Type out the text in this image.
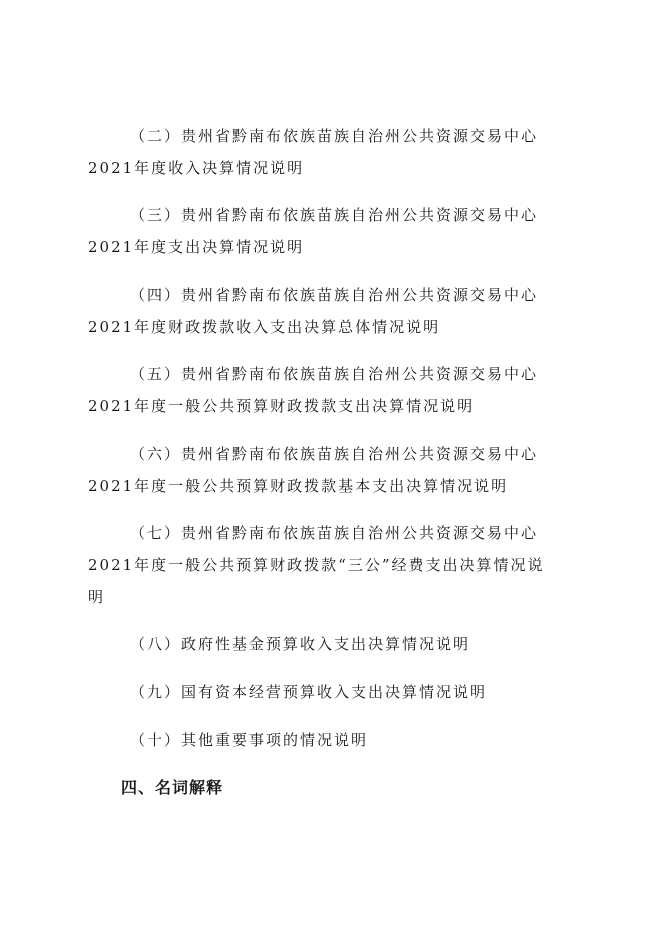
（二）贵州省黔南布依族苗族自治州公共资源交易中心
2021年度收入决算情况说明
（三）贵州省黔南布依族苗族自治州公共资源交易中心
2021年度支出决算情况说明
（四）贵州省黔南布依族苗族自治州公共资源交易中心
2021年度财政拨款收入支出决算总体情况说明
（五）贵州省黔南布依族苗族自治州公共资源交易中心
2021年度一般公共预算财政拨款支出决算情况说明
（六）贵州省黔南布依族苗族自治州公共资源交易中心
2021年度一般公共预算财政拨款基本支出决算情况说明
（七）贵州省黔南布依族苗族自治州公共资源交易中心
2021年度一般公共预算财政拨款“三公”经费支出决算情况说
明
（八）政府性基金预算收入支出决算情况说明
（九）国有资本经营预算收入支出决算情况说明
（十）其他重要事项的情况说明
四、名词解释
